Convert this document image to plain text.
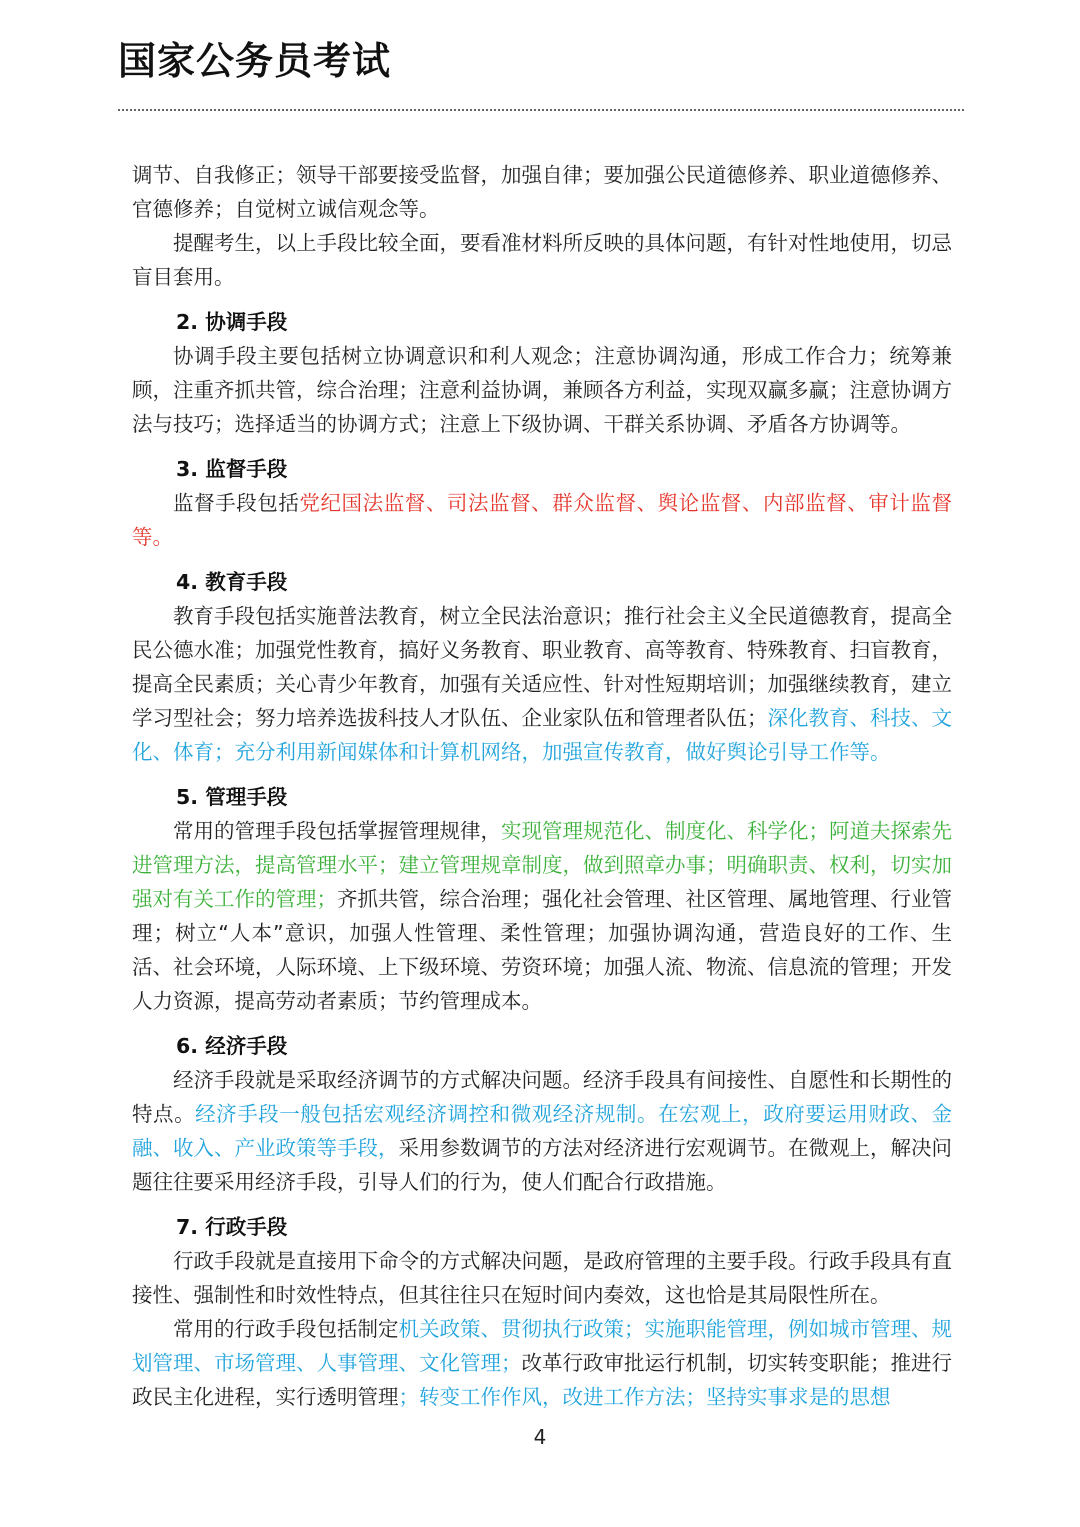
国家公务员考试

调节、自我修正；领导干部要接受监督，加强自律；要加强公民道德修养、职业道德修养、官德修养；自觉树立诚信观念等。

提醒考生，以上手段比较全面，要看准材料所反映的具体问题，有针对性地使用，切忌盲目套用。

2. 协调手段

协调手段主要包括树立协调意识和利人观念；注意协调沟通，形成工作合力；统筹兼顾，注重齐抓共管，综合治理；注意利益协调，兼顾各方利益，实现双赢多赢；注意协调方法与技巧；选择适当的协调方式；注意上下级协调、干群关系协调、矛盾各方协调等。

3. 监督手段

监督手段包括党纪国法监督、司法监督、群众监督、舆论监督、内部监督、审计监督等。

4. 教育手段

教育手段包括实施普法教育，树立全民法治意识；推行社会主义全民道德教育，提高全民公德水准；加强党性教育，搞好义务教育、职业教育、高等教育、特殊教育、扫盲教育，提高全民素质；关心青少年教育，加强有关适应性、针对性短期培训；加强继续教育，建立学习型社会；努力培养选拔科技人才队伍、企业家队伍和管理者队伍；深化教育、科技、文化、体育；充分利用新闻媒体和计算机网络，加强宣传教育，做好舆论引导工作等。

5. 管理手段

常用的管理手段包括掌握管理规律，实现管理规范化、制度化、科学化；阿道夫探索先进管理方法，提高管理水平；建立管理规章制度，做到照章办事；明确职责、权利，切实加强对有关工作的管理；齐抓共管，综合治理；强化社会管理、社区管理、属地管理、行业管理；树立“人本”意识，加强人性管理、柔性管理；加强协调沟通，营造良好的工作、生活、社会环境，人际环境、上下级环境、劳资环境；加强人流、物流、信息流的管理；开发人力资源，提高劳动者素质；节约管理成本。

6. 经济手段

经济手段就是采取经济调节的方式解决问题。经济手段具有间接性、自愿性和长期性的特点。经济手段一般包括宏观经济调控和微观经济规制。在宏观上，政府要运用财政、金融、收入、产业政策等手段，采用参数调节的方法对经济进行宏观调节。在微观上，解决问题往往要采用经济手段，引导人们的行为，使人们配合行政措施。

7. 行政手段

行政手段就是直接用下命令的方式解决问题，是政府管理的主要手段。行政手段具有直接性、强制性和时效性特点，但其往往只在短时间内奏效，这也恰是其局限性所在。

常用的行政手段包括制定机关政策、贯彻执行政策；实施职能管理，例如城市管理、规划管理、市场管理、人事管理、文化管理；改革行政审批运行机制，切实转变职能；推进行政民主化进程，实行透明管理；转变工作作风，改进工作方法；坚持实事求是的思想

4
